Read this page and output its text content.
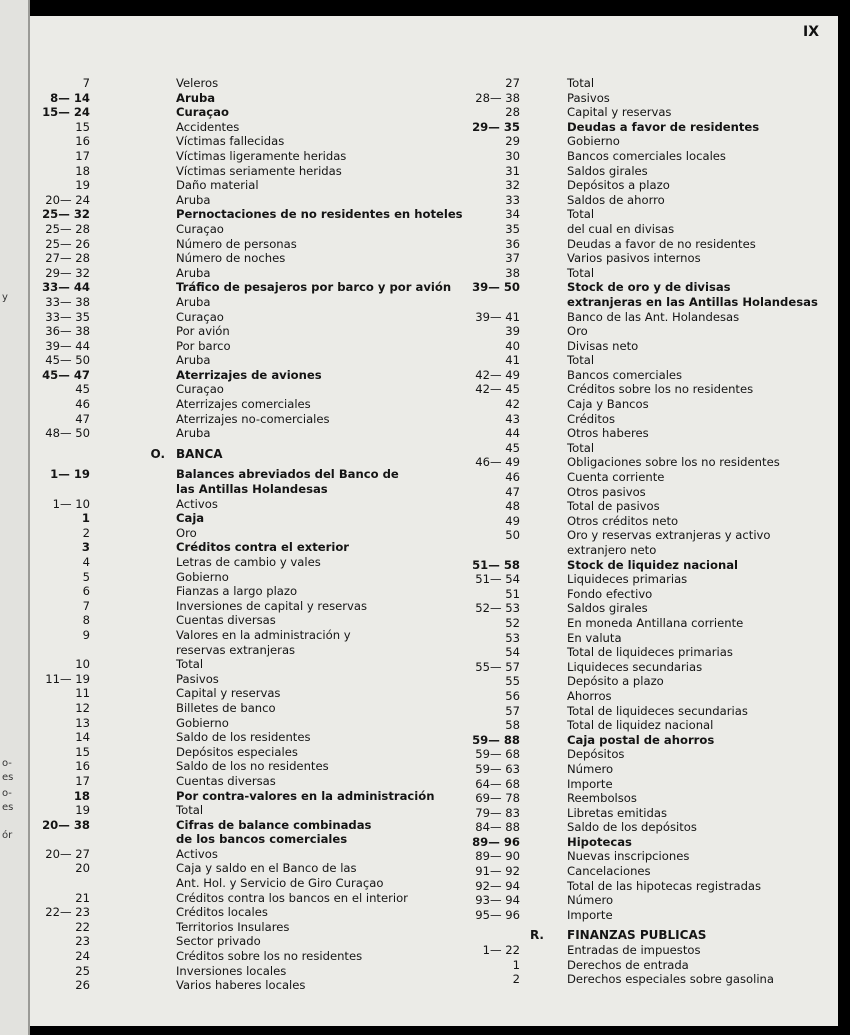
y
o-
es
o-
es
ór
IX
7	Veleros
8— 14	Aruba
15— 24	Curaçao
15	Accidentes
16	Víctimas fallecidas
17	Víctimas ligeramente heridas
18	Víctimas seriamente heridas
19	Daño material
20— 24	Aruba
25— 32	Pernoctaciones de no residentes en hoteles
25— 28	Curaçao
25— 26	Número de personas
27— 28	Número de noches
29— 32	Aruba
33— 44	Tráfico de pesajeros por barco y por avión
33— 38	Aruba
33— 35	Curaçao
36— 38	Por avión
39— 44	Por barco
45— 50	Aruba
45— 47	Aterrizajes de aviones
45	Curaçao
46	Aterrizajes comerciales
47	Aterrizajes no-comerciales
48— 50	Aruba
O. BANCA
1— 19	Balances abreviados del Banco de
las Antillas Holandesas
1— 10	Activos
1	Caja
2	Oro
3	Créditos contra el exterior
4	Letras de cambio y vales
5	Gobierno
6	Fianzas a largo plazo
7	Inversiones de capital y reservas
8	Cuentas diversas
9	Valores en la administración y
reservas extranjeras
10	Total
11— 19	Pasivos
11	Capital y reservas
12	Billetes de banco
13	Gobierno
14	Saldo de los residentes
15	Depósitos especiales
16	Saldo de los no residentes
17	Cuentas diversas
18	Por contra-valores en la administración
19	Total
20— 38	Cifras de balance combinadas
de los bancos comerciales
20— 27	Activos
20	Caja y saldo en el Banco de las
Ant. Hol. y Servicio de Giro Curaçao
21	Créditos contra los bancos en el interior
22— 23	Créditos locales
22	Territorios Insulares
23	Sector privado
24	Créditos sobre los no residentes
25	Inversiones locales
26	Varios haberes locales
27	Total
28— 38	Pasivos
28	Capital y reservas
29— 35	Deudas a favor de residentes
29	Gobierno
30	Bancos comerciales locales
31	Saldos girales
32	Depósitos a plazo
33	Saldos de ahorro
34	Total
35	del cual en divisas
36	Deudas a favor de no residentes
37	Varios pasivos internos
38	Total
39— 50	Stock de oro y de divisas
extranjeras en las Antillas Holandesas
39— 41	Banco de las Ant. Holandesas
39	Oro
40	Divisas neto
41	Total
42— 49	Bancos comerciales
42— 45	Créditos sobre los no residentes
42	Caja y Bancos
43	Créditos
44	Otros haberes
45	Total
46— 49	Obligaciones sobre los no residentes
46	Cuenta corriente
47	Otros pasivos
48	Total de pasivos
49	Otros créditos neto
50	Oro y reservas extranjeras y activo
extranjero neto
51— 58	Stock de liquidez nacional
51— 54	Liquideces primarias
51	Fondo efectivo
52— 53	Saldos girales
52	En moneda Antillana corriente
53	En valuta
54	Total de liquideces primarias
55— 57	Liquideces secundarias
55	Depósito a plazo
56	Ahorros
57	Total de liquideces secundarias
58	Total de liquidez nacional
59— 88	Caja postal de ahorros
59— 68	Depósitos
59— 63	Número
64— 68	Importe
69— 78	Reembolsos
79— 83	Libretas emitidas
84— 88	Saldo de los depósitos
89— 96	Hipotecas
89— 90	Nuevas inscripciones
91— 92	Cancelaciones
92— 94	Total de las hipotecas registradas
93— 94	Número
95— 96	Importe
R. FINANZAS PUBLICAS
1— 22	Entradas de impuestos
1	Derechos de entrada
2	Derechos especiales sobre gasolina
